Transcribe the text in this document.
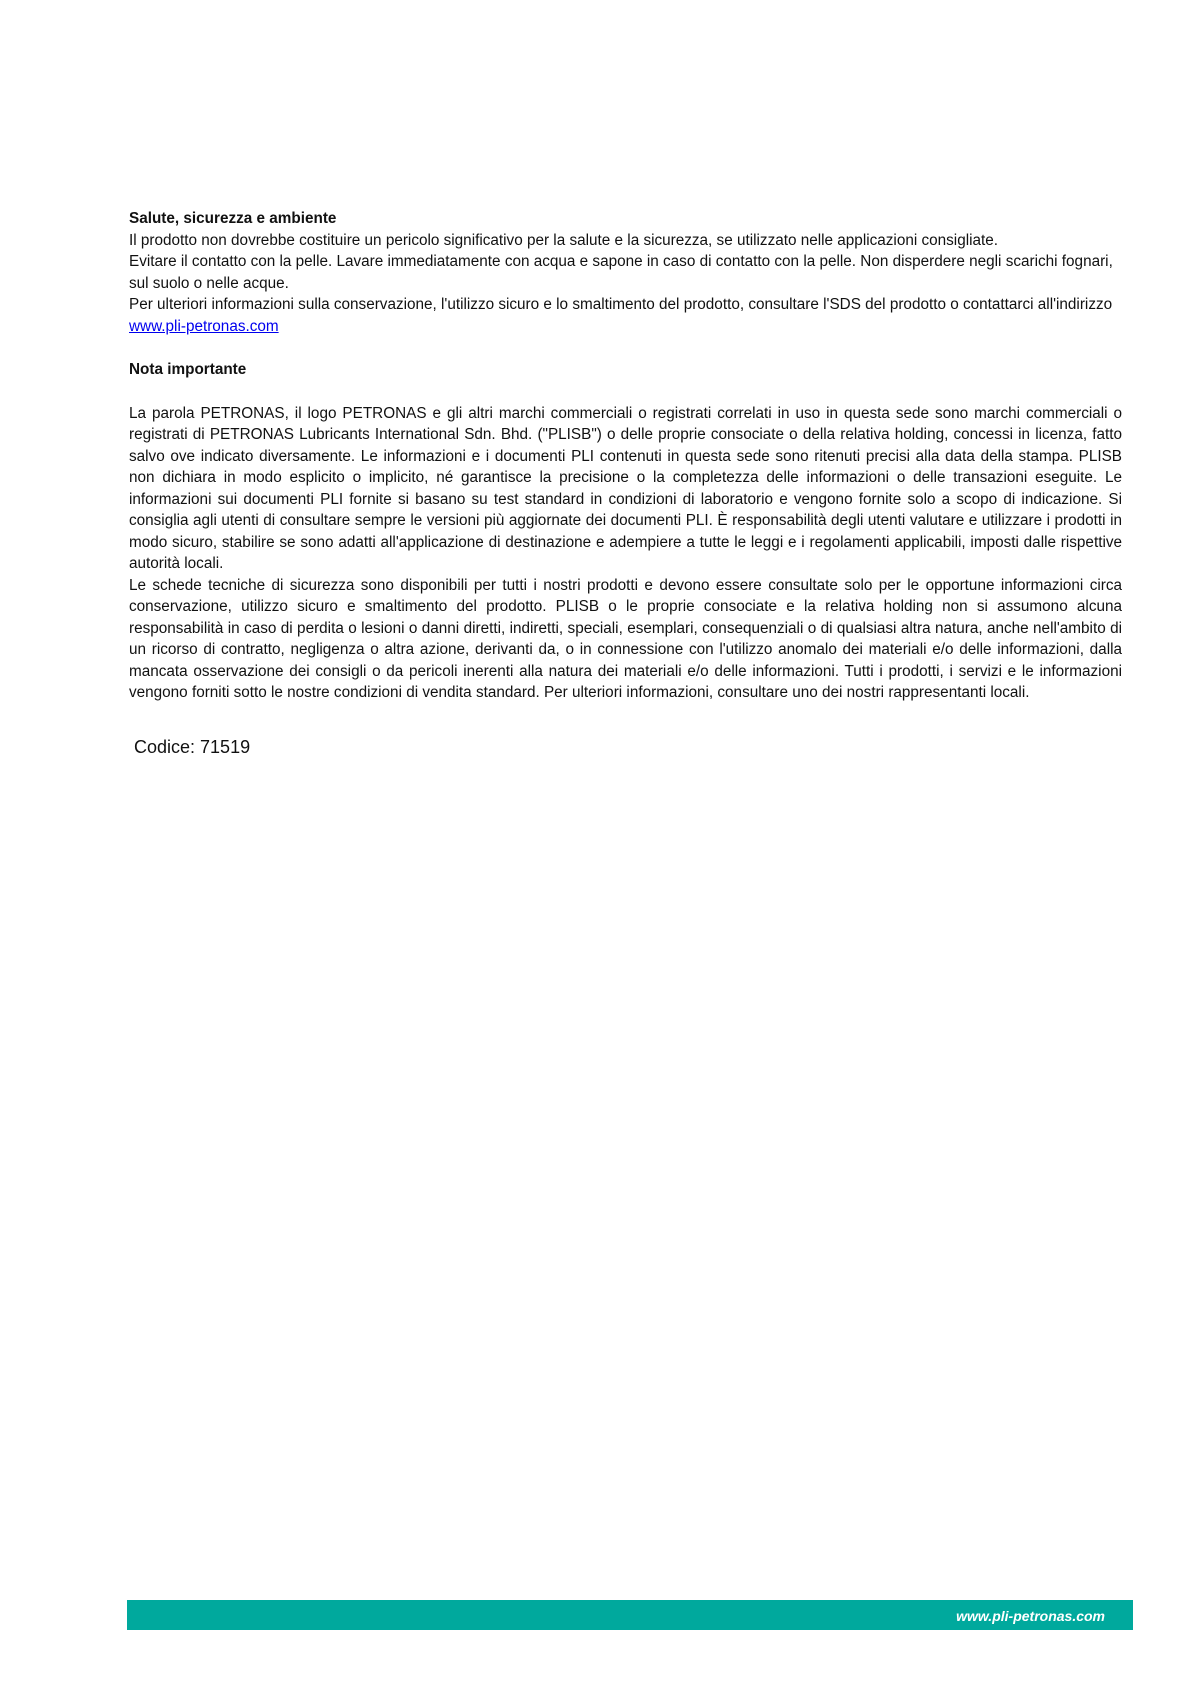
Salute, sicurezza e ambiente

Il prodotto non dovrebbe costituire un pericolo significativo per la salute e la sicurezza, se utilizzato nelle applicazioni consigliate.

Evitare il contatto con la pelle. Lavare immediatamente con acqua e sapone in caso di contatto con la pelle. Non disperdere negli scarichi fognari, sul suolo o nelle acque.

Per ulteriori informazioni sulla conservazione, l'utilizzo sicuro e lo smaltimento del prodotto, consultare l'SDS del prodotto o contattarci all'indirizzo www.pli-petronas.com

Nota importante

La parola PETRONAS, il logo PETRONAS e gli altri marchi commerciali o registrati correlati in uso in questa sede sono marchi commerciali o registrati di PETRONAS Lubricants International Sdn. Bhd. ("PLISB") o delle proprie consociate o della relativa holding, concessi in licenza, fatto salvo ove indicato diversamente. Le informazioni e i documenti PLI contenuti in questa sede sono ritenuti precisi alla data della stampa. PLISB non dichiara in modo esplicito o implicito, né garantisce la precisione o la completezza delle informazioni o delle transazioni eseguite. Le informazioni sui documenti PLI fornite si basano su test standard in condizioni di laboratorio e vengono fornite solo a scopo di indicazione. Si consiglia agli utenti di consultare sempre le versioni più aggiornate dei documenti PLI. È responsabilità degli utenti valutare e utilizzare i prodotti in modo sicuro, stabilire se sono adatti all'applicazione di destinazione e adempiere a tutte le leggi e i regolamenti applicabili, imposti dalle rispettive autorità locali.

Le schede tecniche di sicurezza sono disponibili per tutti i nostri prodotti e devono essere consultate solo per le opportune informazioni circa conservazione, utilizzo sicuro e smaltimento del prodotto. PLISB o le proprie consociate e la relativa holding non si assumono alcuna responsabilità in caso di perdita o lesioni o danni diretti, indiretti, speciali, esemplari, consequenziali o di qualsiasi altra natura, anche nell'ambito di un ricorso di contratto, negligenza o altra azione, derivanti da, o in connessione con l'utilizzo anomalo dei materiali e/o delle informazioni, dalla mancata osservazione dei consigli o da pericoli inerenti alla natura dei materiali e/o delle informazioni. Tutti i prodotti, i servizi e le informazioni vengono forniti sotto le nostre condizioni di vendita standard. Per ulteriori informazioni, consultare uno dei nostri rappresentanti locali.

Codice: 71519
www.pli-petronas.com
